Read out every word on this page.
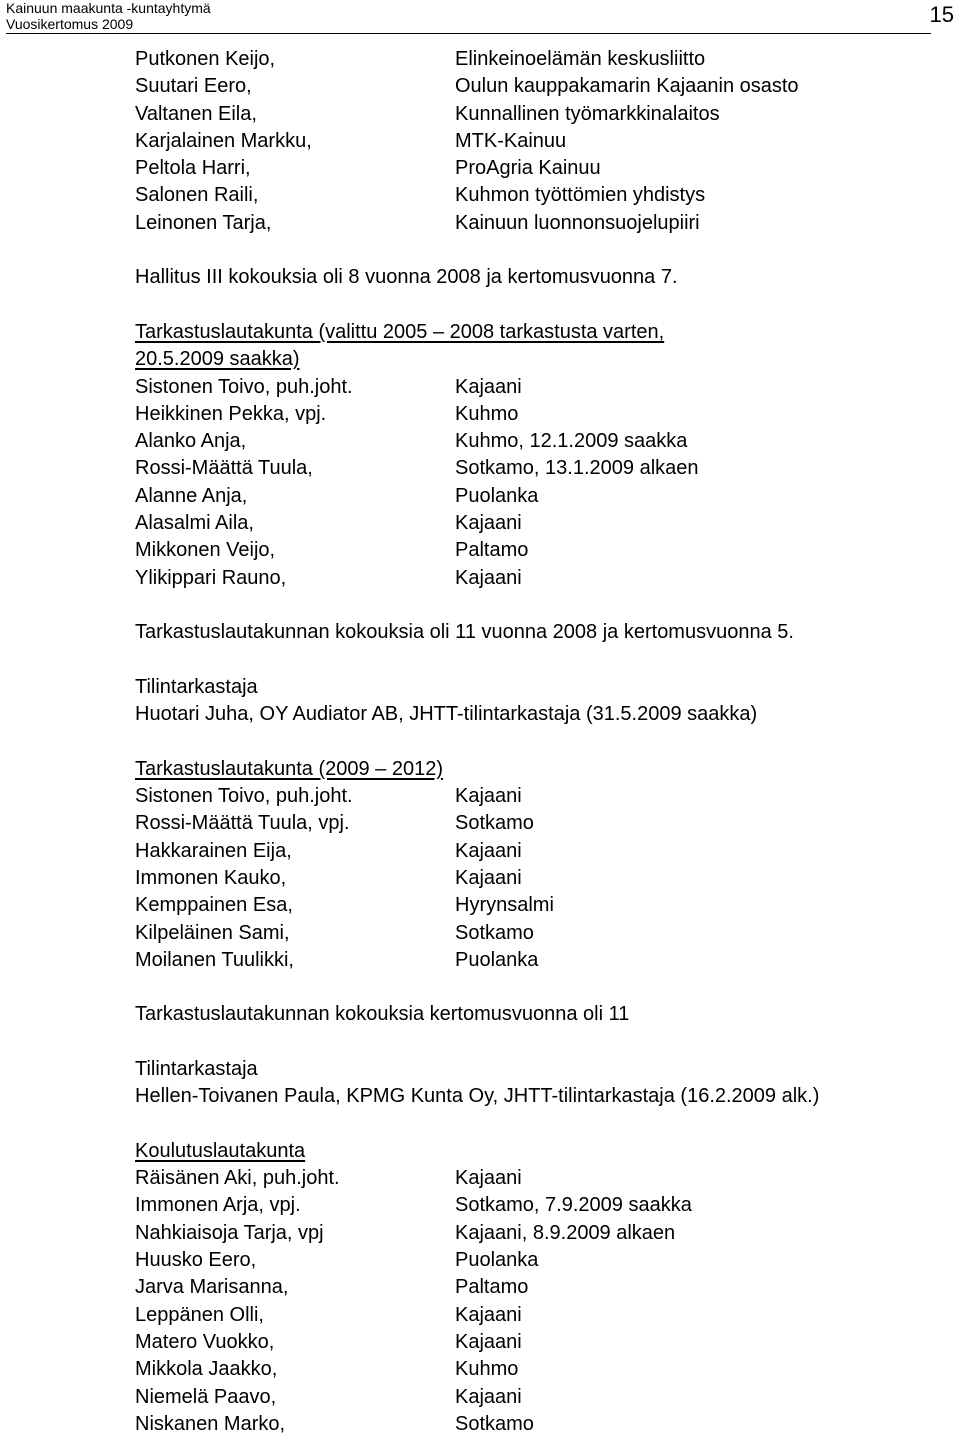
Kainuun maakunta -kuntayhtymä
Vuosikertomus 2009	15
Putkonen Keijo,	Elinkeinoelämän keskusliitto
Suutari Eero,	Oulun kauppakamarin Kajaanin osasto
Valtanen Eila,	Kunnallinen työmarkkinalaitos
Karjalainen Markku,	MTK-Kainuu
Peltola Harri,	ProAgria Kainuu
Salonen Raili,	Kuhmon työttömien yhdistys
Leinonen Tarja,	Kainuun luonnonsuojelupiiri
Hallitus III kokouksia oli 8 vuonna 2008 ja kertomusvuonna 7.
Tarkastuslautakunta (valittu 2005 – 2008 tarkastusta varten,
20.5.2009 saakka)
Sistonen Toivo, puh.joht.	Kajaani
Heikkinen Pekka, vpj.	Kuhmo
Alanko Anja,	Kuhmo, 12.1.2009 saakka
Rossi-Määttä Tuula,	Sotkamo, 13.1.2009 alkaen
Alanne Anja,	Puolanka
Alasalmi Aila,	Kajaani
Mikkonen Veijo,	Paltamo
Ylikippari Rauno,	Kajaani
Tarkastuslautakunnan kokouksia oli 11 vuonna 2008 ja kertomusvuonna 5.
Tilintarkastaja
Huotari Juha, OY Audiator AB, JHTT-tilintarkastaja (31.5.2009 saakka)
Tarkastuslautakunta (2009 – 2012)
Sistonen Toivo, puh.joht.	Kajaani
Rossi-Määttä Tuula, vpj.	Sotkamo
Hakkarainen Eija,	Kajaani
Immonen Kauko,	Kajaani
Kemppainen Esa,	Hyrynsalmi
Kilpeläinen Sami,	Sotkamo
Moilanen Tuulikki,	Puolanka
Tarkastuslautakunnan kokouksia kertomusvuonna oli 11
Tilintarkastaja
Hellen-Toivanen Paula, KPMG Kunta Oy, JHTT-tilintarkastaja (16.2.2009 alk.)
Koulutuslautakunta
Räisänen Aki, puh.joht.	Kajaani
Immonen Arja, vpj.	Sotkamo, 7.9.2009 saakka
Nahkiaisoja Tarja, vpj	Kajaani, 8.9.2009 alkaen
Huusko Eero,	Puolanka
Jarva Marisanna,	Paltamo
Leppänen Olli,	Kajaani
Matero Vuokko,	Kajaani
Mikkola Jaakko,	Kuhmo
Niemelä Paavo,	Kajaani
Niskanen Marko,	Sotkamo
